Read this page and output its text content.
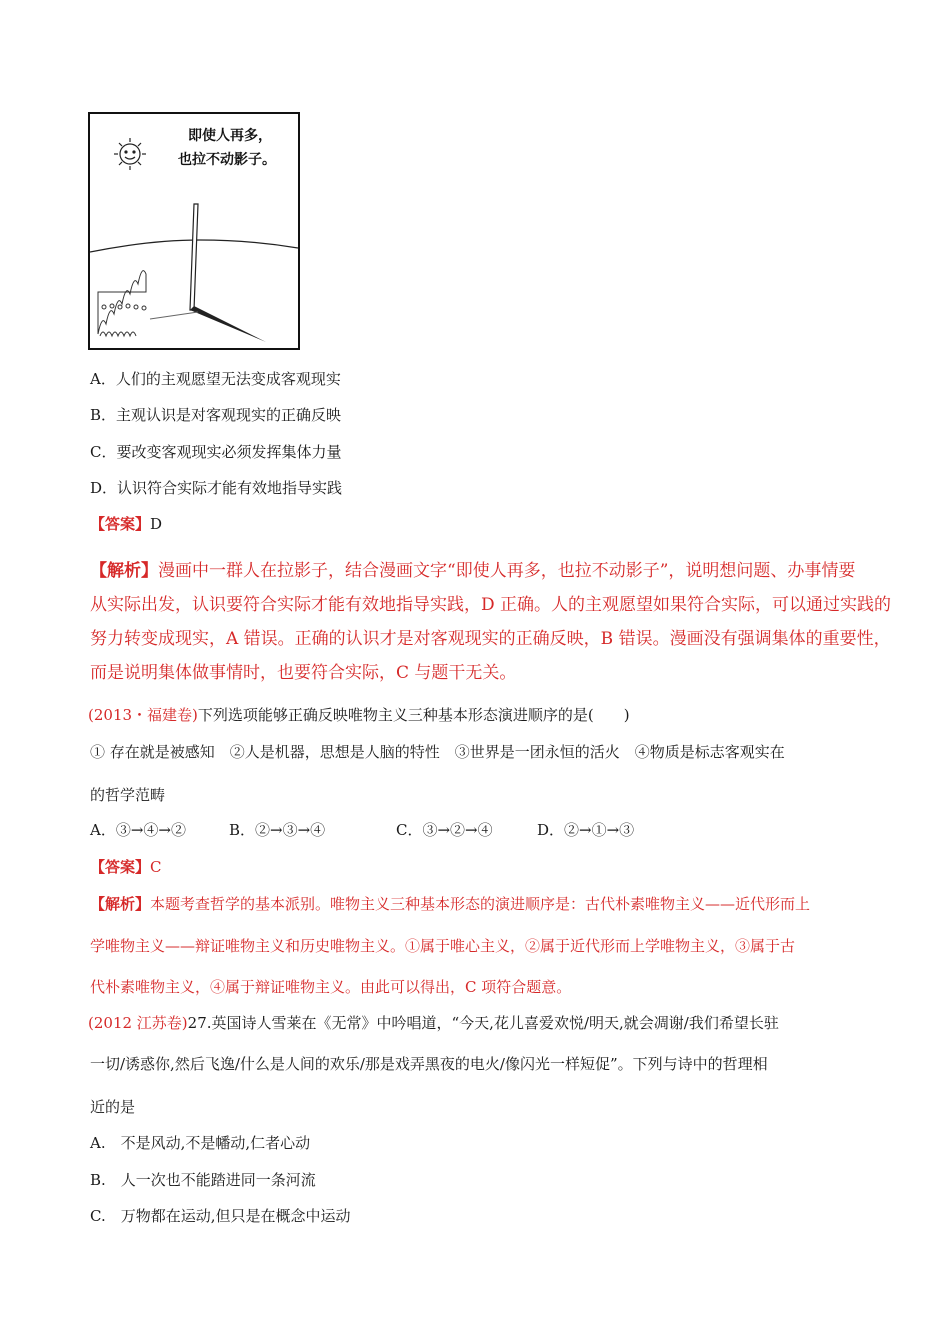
即使人再多，
也拉不动影子。
A．人们的主观愿望无法变成客观现实
B．主观认识是对客观现实的正确反映
C．要改变客观现实必须发挥集体力量
D．认识符合实际才能有效地指导实践
【答案】D
【解析】漫画中一群人在拉影子，结合漫画文字“即使人再多，也拉不动影子”，说明想问题、办事情要
从实际出发，认识要符合实际才能有效地指导实践，D 正确。人的主观愿望如果符合实际，可以通过实践的
努力转变成现实，A 错误。正确的认识才是对客观现实的正确反映，B 错误。漫画没有强调集体的重要性，
而是说明集体做事情时，也要符合实际，C 与题干无关。
(2013・福建卷)下列选项能够正确反映唯物主义三种基本形态演进顺序的是(　　)
① 存在就是被感知　②人是机器，思想是人脑的特性　③世界是一团永恒的活火　④物质是标志客观实在
的哲学范畴
A．③→④→②	B．②→③→④	C．③→②→④	D．②→①→③
【答案】C
【解析】本题考查哲学的基本派别。唯物主义三种基本形态的演进顺序是：古代朴素唯物主义——近代形而上
学唯物主义——辩证唯物主义和历史唯物主义。①属于唯心主义，②属于近代形而上学唯物主义，③属于古
代朴素唯物主义，④属于辩证唯物主义。由此可以得出，C 项符合题意。
(2012 江苏卷)27.英国诗人雪莱在《无常》中吟唱道，“今天,花儿喜爱欢悦/明天,就会凋谢/我们希望长驻
一切/诱惑你,然后飞逸/什么是人间的欢乐/那是戏弄黑夜的电火/像闪光一样短促”。下列与诗中的哲理相
近的是
A.　不是风动,不是幡动,仁者心动
B.　人一次也不能踏进同一条河流
C.　万物都在运动,但只是在概念中运动
